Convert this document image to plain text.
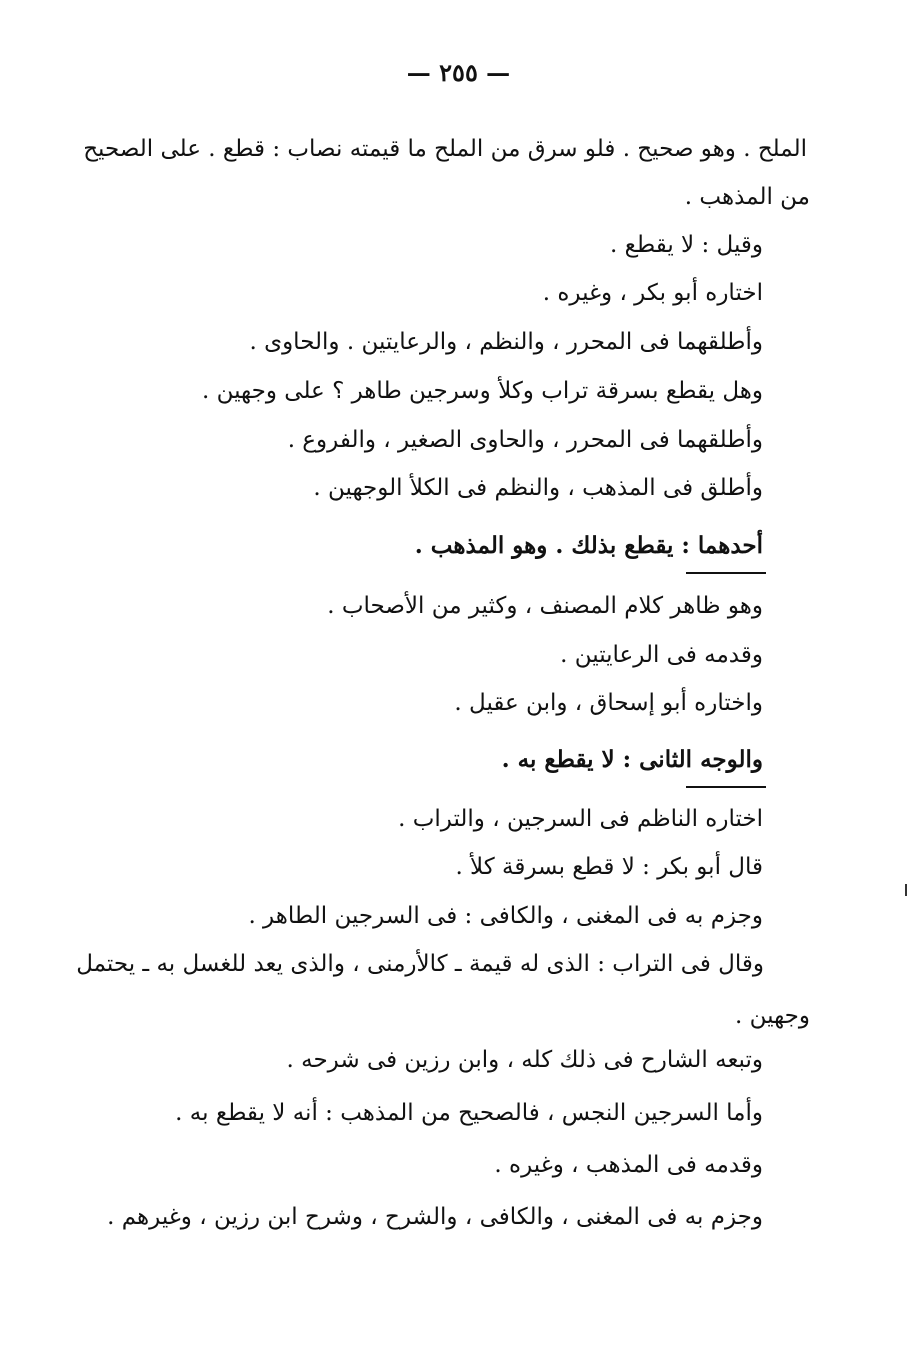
— ٢٥٥ —
الملح . وهو صحيح . فلو سرق من الملح ما قيمته نصاب : قطع . على الصحيح
من المذهب .
وقيل : لا يقطع .
اختاره أبو بكر ، وغيره .
وأطلقهما فى المحرر ، والنظم ، والرعايتين . والحاوى .
وهل يقطع بسرقة تراب وكلأ وسرجين طاهر ؟ على وجهين .
وأطلقهما فى المحرر ، والحاوى الصغير ، والفروع .
وأطلق فى المذهب ، والنظم فى الكلأ الوجهين .
أحدهما : يقطع بذلك . وهو المذهب .
وهو ظاهر كلام المصنف ، وكثير من الأصحاب .
وقدمه فى الرعايتين .
واختاره أبو إسحاق ، وابن عقيل .
والوجه الثانى : لا يقطع به .
اختاره الناظم فى السرجين ، والتراب .
قال أبو بكر : لا قطع بسرقة كلأ .
وجزم به فى المغنى ، والكافى : فى السرجين الطاهر .
وقال فى التراب : الذى له قيمة ـ كالأرمنى ، والذى يعد للغسل به ـ يحتمل
وجهين .
وتبعه الشارح فى ذلك كله ، وابن رزين فى شرحه .
وأما السرجين النجس ، فالصحيح من المذهب : أنه لا يقطع به .
وقدمه فى المذهب ، وغيره .
وجزم به فى المغنى ، والكافى ، والشرح ، وشرح ابن رزين ، وغيرهم .
